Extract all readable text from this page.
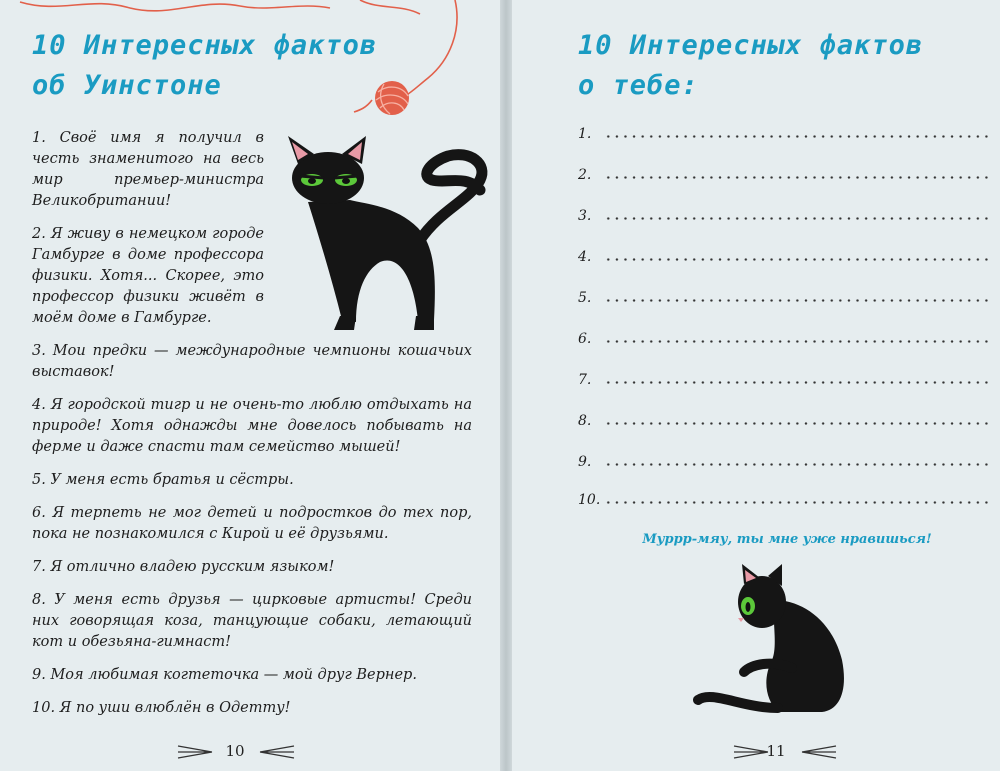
10 Интересных фактов
об Уинстоне

1. Своё имя я получил в честь знаменитого на весь мир премьер-министра Великобритании!

2. Я живу в немецком городе Гамбурге в доме профессора физики. Хотя... Скорее, это профессор физики живёт в моём доме в Гамбурге.

3. Мои предки — международные чемпионы кошачьих выставок!

4. Я городской тигр и не очень-то люблю отдыхать на природе! Хотя однажды мне довелось побывать на ферме и даже спасти там семейство мышей!

5. У меня есть братья и сёстры.

6. Я терпеть не мог детей и подростков до тех пор, пока не познакомился с Кирой и её друзьями.

7. Я отлично владею русским языком!

8. У меня есть друзья — цирковые артисты! Среди них говорящая коза, танцующие собаки, летающий кот и обезьяна-гимнаст!

9. Моя любимая когтеточка — мой друг Вернер.

10. Я по уши влюблён в Одетту!

10
10 Интересных фактов
о тебе:
1.
2.
3.
4.
5.
6.
7.
8.
9.
10.
Муррр-мяу, ты мне уже нравишься!
11
